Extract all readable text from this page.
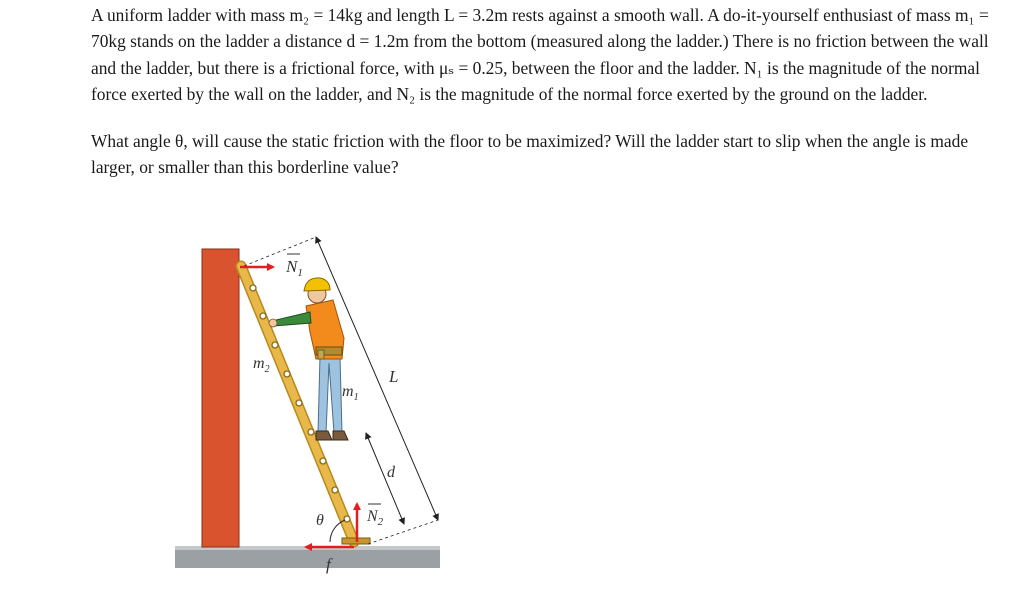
A uniform ladder with mass m₂ = 14kg and length L = 3.2m rests against a smooth wall. A do-it-yourself enthusiast of mass m₁ = 70kg stands on the ladder a distance d = 1.2m from the bottom (measured along the ladder.) There is no friction between the wall and the ladder, but there is a frictional force, with μₛ = 0.25, between the floor and the ladder. N₁ is the magnitude of the normal force exerted by the wall on the ladder, and N₂ is the magnitude of the normal force exerted by the ground on the ladder.

What angle θ, will cause the static friction with the floor to be maximized? Will the ladder start to slip when the angle is made larger, or smaller than this borderline value?

$N_1$
$N_2$
$m_2$
$m_1$
L
d
θ
f
